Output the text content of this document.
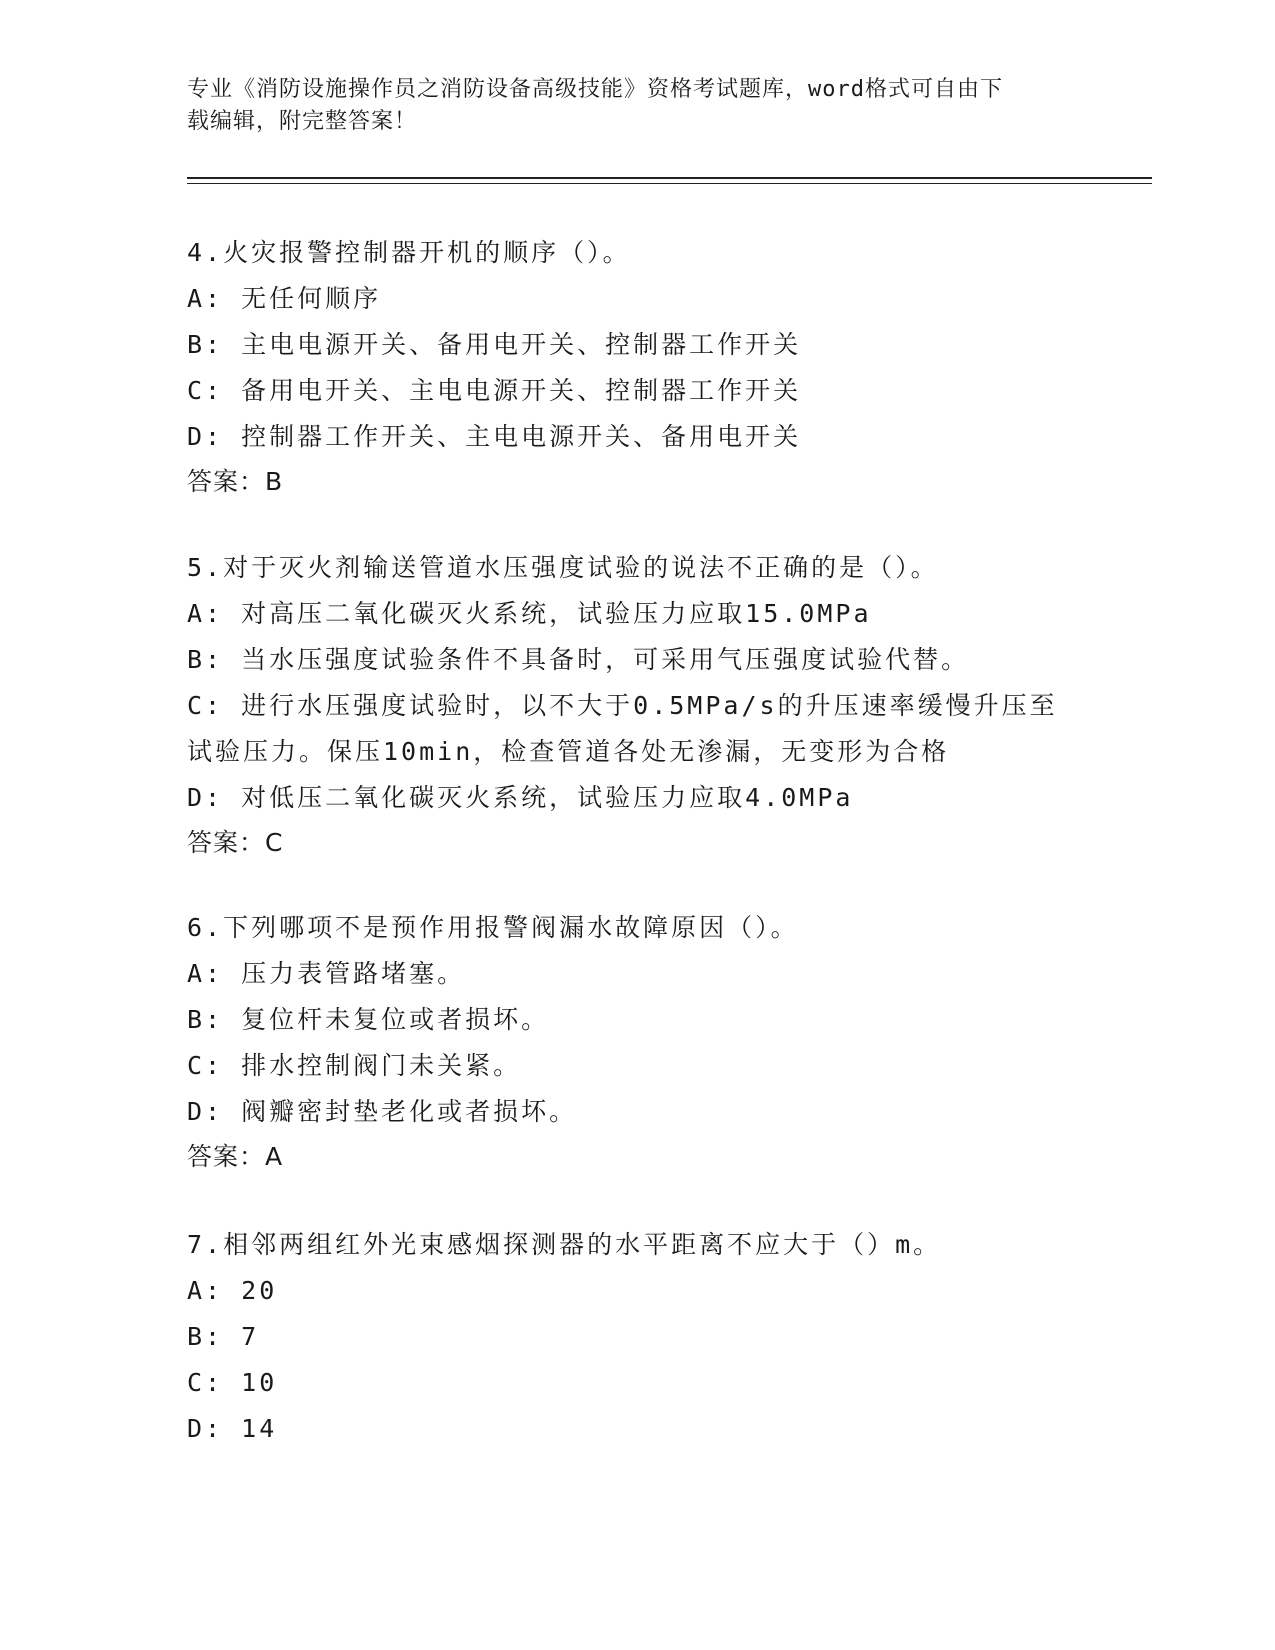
专业《消防设施操作员之消防设备高级技能》资格考试题库，word格式可自由下
载编辑，附完整答案！
4.火灾报警控制器开机的顺序（）。
A: 无任何顺序
B: 主电电源开关、备用电开关、控制器工作开关
C: 备用电开关、主电电源开关、控制器工作开关
D: 控制器工作开关、主电电源开关、备用电开关
答案：B
5.对于灭火剂输送管道水压强度试验的说法不正确的是（）。
A: 对高压二氧化碳灭火系统，试验压力应取15.0MPa
B: 当水压强度试验条件不具备时，可采用气压强度试验代替。
C: 进行水压强度试验时，以不大于0.5MPa/s的升压速率缓慢升压至试验压力。保压10min，检查管道各处无渗漏，无变形为合格
D: 对低压二氧化碳灭火系统，试验压力应取4.0MPa
答案：C
6.下列哪项不是预作用报警阀漏水故障原因（）。
A: 压力表管路堵塞。
B: 复位杆未复位或者损坏。
C: 排水控制阀门未关紧。
D: 阀瓣密封垫老化或者损坏。
答案：A
7.相邻两组红外光束感烟探测器的水平距离不应大于（）m。
A: 20
B: 7
C: 10
D: 14
